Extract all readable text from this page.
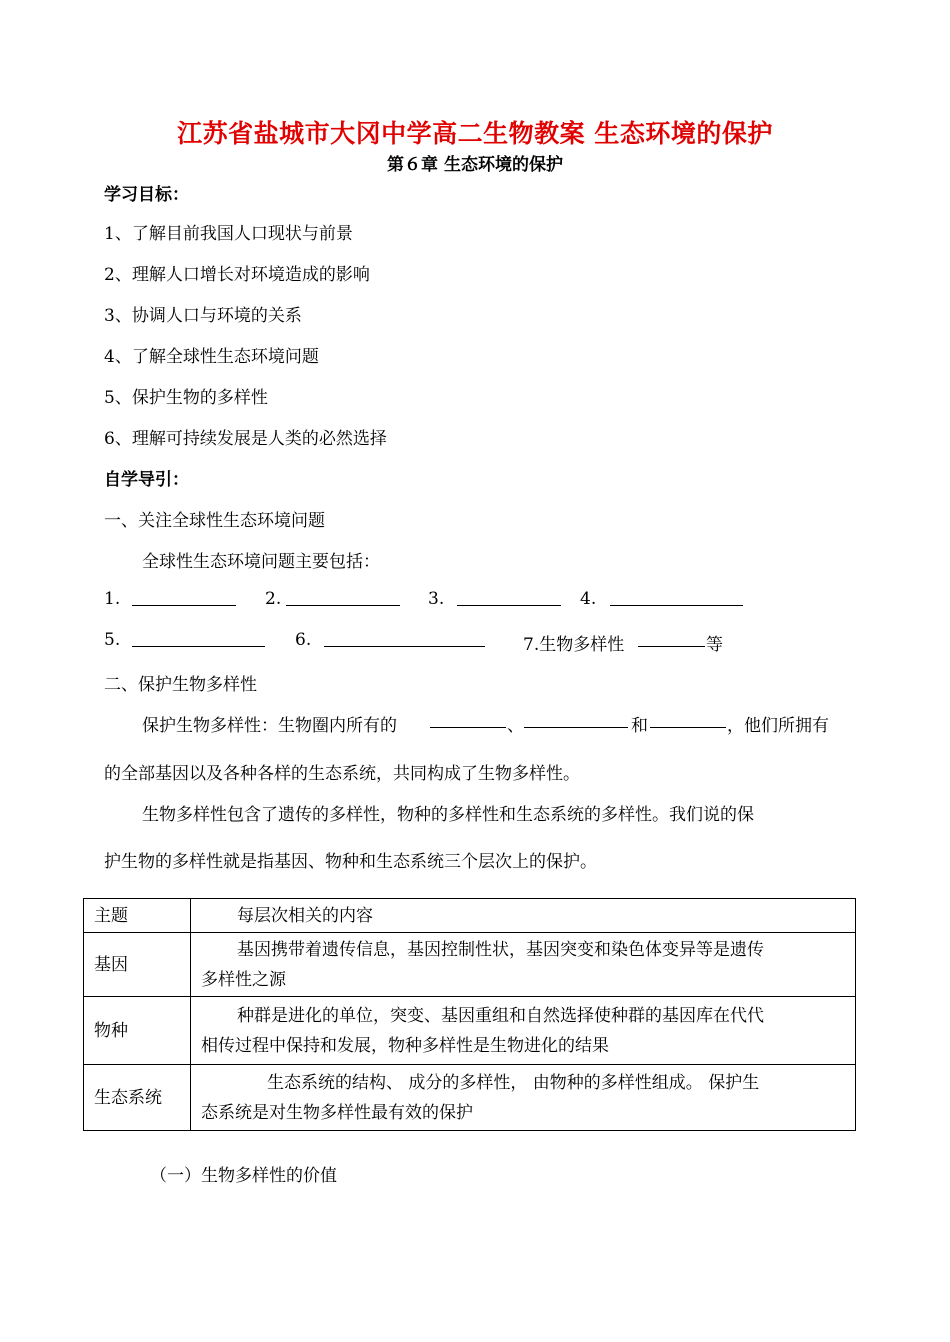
江苏省盐城市大冈中学高二生物教案 生态环境的保护
第６章 生态环境的保护
学习目标：
1、了解目前我国人口现状与前景
2、理解人口增长对环境造成的影响
3、协调人口与环境的关系
4、了解全球性生态环境问题
5、保护生物的多样性
6、理解可持续发展是人类的必然选择
自学导引：
一、关注全球性生态环境问题
全球性生态环境问题主要包括：
1.	2.	3.	4.
5.	6.	7.生物多样性	等
二、保护生物多样性
保护生物多样性：生物圈内所有的	、	和	，他们所拥有
的全部基因以及各种各样的生态系统，共同构成了生物多样性。
生物多样性包含了遗传的多样性，物种的多样性和生态系统的多样性。我们说的保
护生物的多样性就是指基因、物种和生态系统三个层次上的保护。
主题	每层次相关的内容
基因	基因携带着遗传信息，基因控制性状，基因突变和染色体变异等是遗传
多样性之源

物种	种群是进化的单位，突变、基因重组和自然选择使种群的基因库在代代
相传过程中保持和发展，物种多样性是生物进化的结果

生态系统	生态系统的结构、 成分的多样性， 由物种的多样性组成。 保护生
态系统是对生物多样性最有效的保护
（一）生物多样性的价值
